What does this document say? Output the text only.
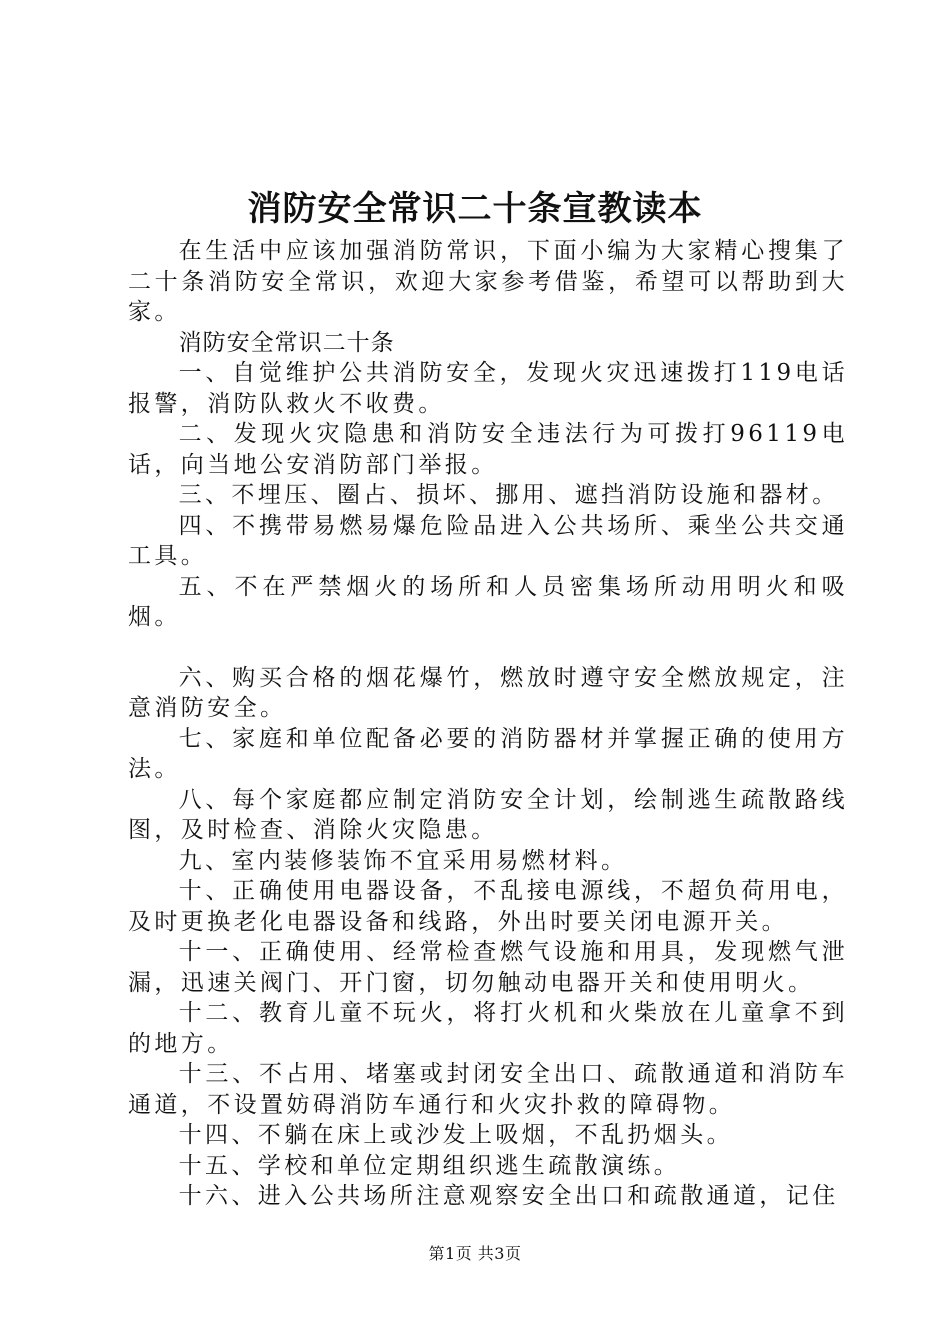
消防安全常识二十条宣教读本

在生活中应该加强消防常识，下面小编为大家精心搜集了二十条消防安全常识，欢迎大家参考借鉴，希望可以帮助到大家。

消防安全常识二十条

一、自觉维护公共消防安全，发现火灾迅速拨打119电话报警，消防队救火不收费。

二、发现火灾隐患和消防安全违法行为可拨打96119电话，向当地公安消防部门举报。

三、不埋压、圈占、损坏、挪用、遮挡消防设施和器材。

四、不携带易燃易爆危险品进入公共场所、乘坐公共交通工具。

五、不在严禁烟火的场所和人员密集场所动用明火和吸烟。

六、购买合格的烟花爆竹，燃放时遵守安全燃放规定，注意消防安全。

七、家庭和单位配备必要的消防器材并掌握正确的使用方法。

八、每个家庭都应制定消防安全计划，绘制逃生疏散路线图，及时检查、消除火灾隐患。

九、室内装修装饰不宜采用易燃材料。

十、正确使用电器设备，不乱接电源线，不超负荷用电，及时更换老化电器设备和线路，外出时要关闭电源开关。

十一、正确使用、经常检查燃气设施和用具，发现燃气泄漏，迅速关阀门、开门窗，切勿触动电器开关和使用明火。

十二、教育儿童不玩火，将打火机和火柴放在儿童拿不到的地方。

十三、不占用、堵塞或封闭安全出口、疏散通道和消防车通道，不设置妨碍消防车通行和火灾扑救的障碍物。

十四、不躺在床上或沙发上吸烟，不乱扔烟头。

十五、学校和单位定期组织逃生疏散演练。

十六、进入公共场所注意观察安全出口和疏散通道，记住

第1页 共3页
